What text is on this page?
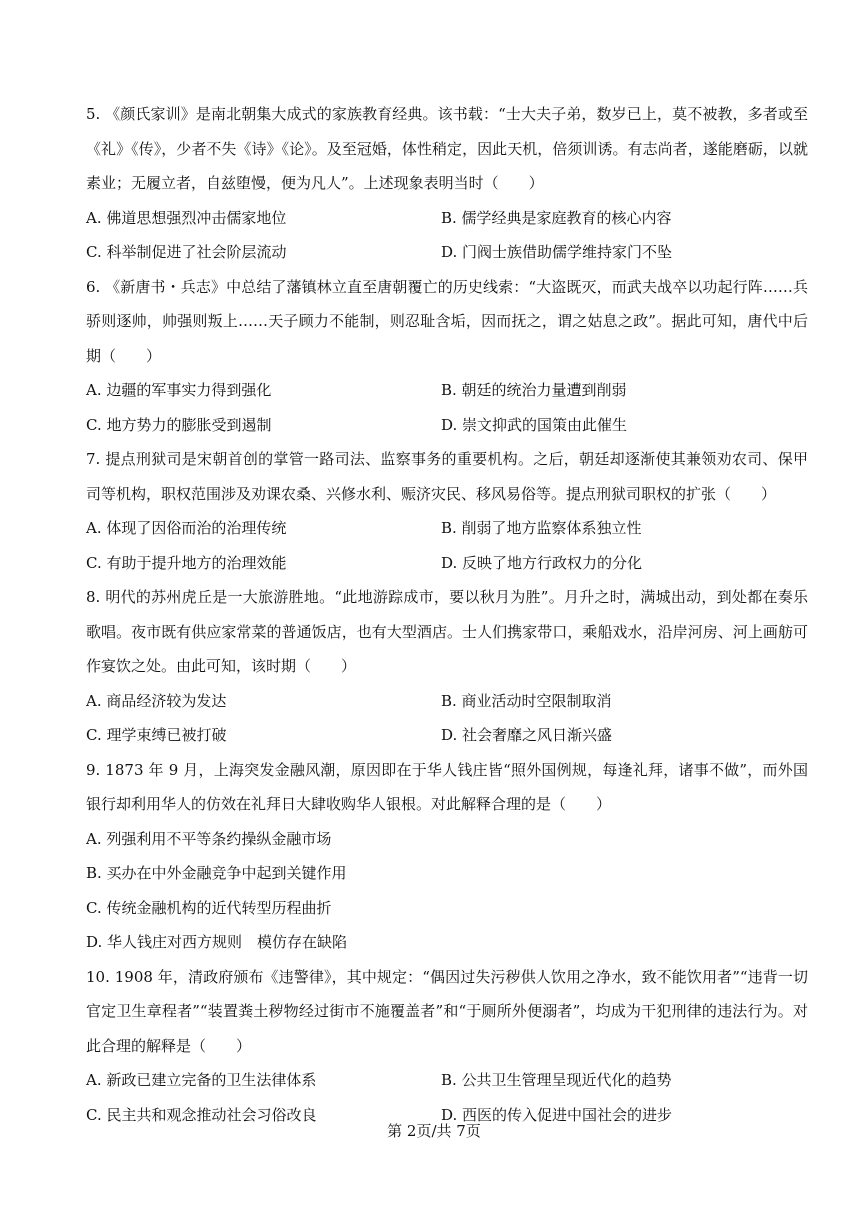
5. 《颜氏家训》是南北朝集大成式的家族教育经典。该书载：“士大夫子弟，数岁已上，莫不被教，多者或至《礼》《传》，少者不失《诗》《论》。及至冠婚，体性稍定，因此天机，倍须训诱。有志尚者，遂能磨砺，以就素业；无履立者，自兹堕慢，便为凡人”。上述现象表明当时（　　）

A. 佛道思想强烈冲击儒家地位	B. 儒学经典是家庭教育的核心内容
C. 科举制促进了社会阶层流动	D. 门阀士族借助儒学维持家门不坠

6. 《新唐书・兵志》中总结了藩镇林立直至唐朝覆亡的历史线索：“大盗既灭，而武夫战卒以功起行阵……兵骄则逐帅，帅强则叛上……天子顾力不能制，则忍耻含垢，因而抚之，谓之姑息之政”。据此可知，唐代中后期（　　）

A. 边疆的军事实力得到强化	B. 朝廷的统治力量遭到削弱
C. 地方势力的膨胀受到遏制	D. 崇文抑武的国策由此催生

7. 提点刑狱司是宋朝首创的掌管一路司法、监察事务的重要机构。之后，朝廷却逐渐使其兼领劝农司、保甲司等机构，职权范围涉及劝课农桑、兴修水利、赈济灾民、移风易俗等。提点刑狱司职权的扩张（　　）

A. 体现了因俗而治的治理传统	B. 削弱了地方监察体系独立性
C. 有助于提升地方的治理效能	D. 反映了地方行政权力的分化

8. 明代的苏州虎丘是一大旅游胜地。“此地游踪成市，要以秋月为胜”。月升之时，满城出动，到处都在奏乐歌唱。夜市既有供应家常菜的普通饭店，也有大型酒店。士人们携家带口，乘船戏水，沿岸河房、河上画舫可作宴饮之处。由此可知，该时期（　　）

A. 商品经济较为发达	B. 商业活动时空限制取消
C. 理学束缚已被打破	D. 社会奢靡之风日渐兴盛

9. 1873 年 9 月，上海突发金融风潮，原因即在于华人钱庄皆“照外国例规，每逢礼拜，诸事不做”，而外国银行却利用华人的仿效在礼拜日大肆收购华人银根。对此解释合理的是（　　）

A. 列强利用不平等条约操纵金融市场
B. 买办在中外金融竞争中起到关键作用
C. 传统金融机构的近代转型历程曲折
D. 华人钱庄对西方规则　模仿存在缺陷

10. 1908 年，清政府颁布《违警律》，其中规定：“偶因过失污秽供人饮用之净水，致不能饮用者”“违背一切官定卫生章程者”“装置粪土秽物经过街市不施覆盖者”和“于厕所外便溺者”，均成为干犯刑律的违法行为。对此合理的解释是（　　）

A. 新政已建立完备的卫生法律体系	B. 公共卫生管理呈现近代化的趋势
C. 民主共和观念推动社会习俗改良	D. 西医的传入促进中国社会的进步
第 2页/共 7页
